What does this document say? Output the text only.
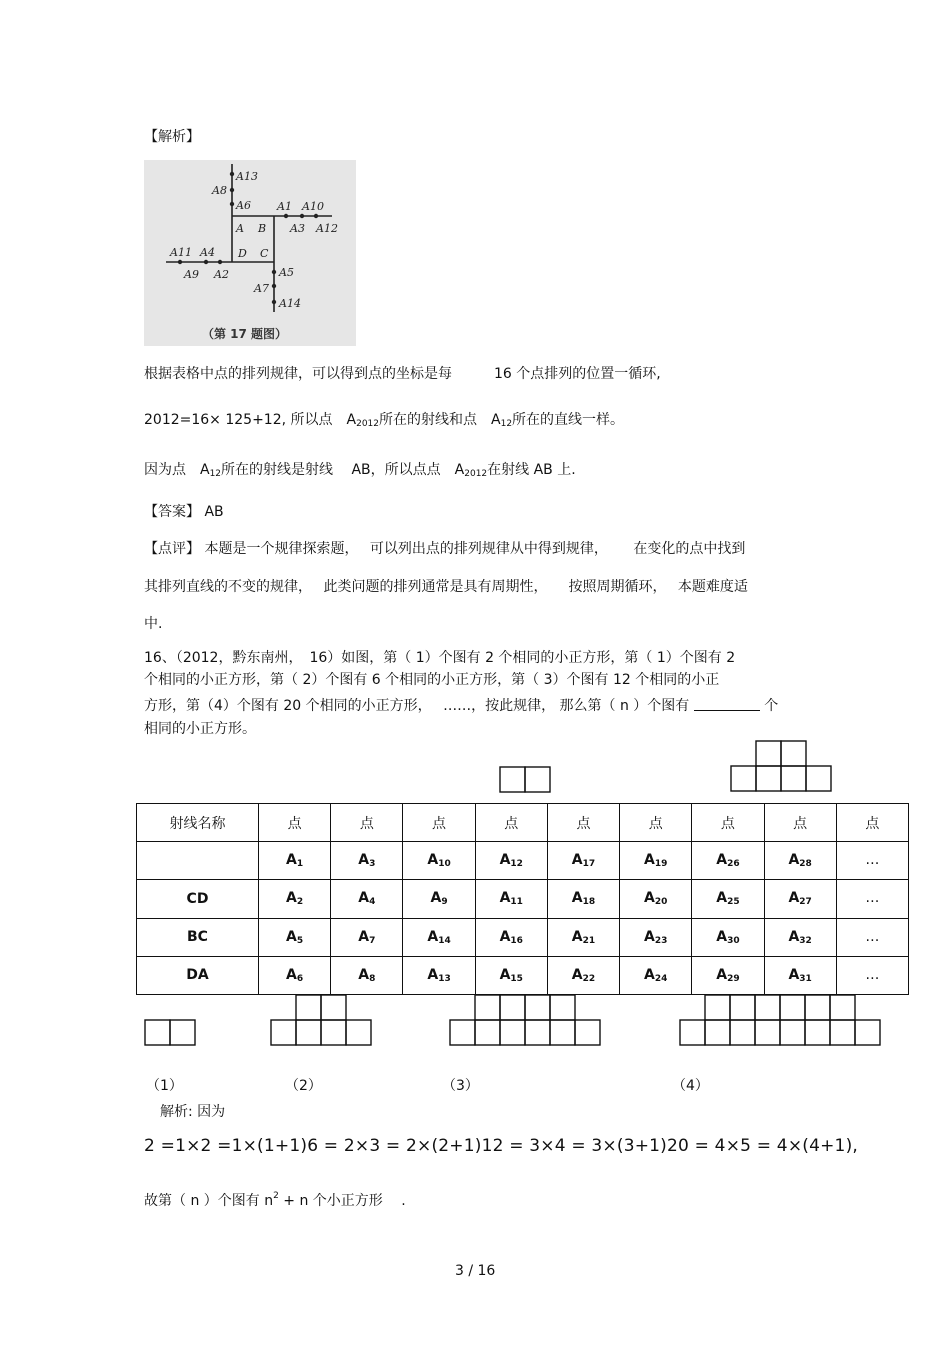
【解析】
A13
A8
A6 A1 A10
A3 A12
A11 A4
A9 A2	A5
A7
A14
A B
D C
（第 17 题图）
根据表格中点的排列规律，可以得到点的坐标是每　　　16 个点排列的位置一循环,
2012=16× 125+12, 所以点　$A_{2012}$所在的射线和点　$A_{12}$所在的直线一样。
因为点　$A_{12}$所在的射线是射线　 AB，所以点点　$A_{2012}$在射线 AB 上.
【答案】 AB
【点评】 本题是一个规律探索题，　 可以列出点的排列规律从中得到规律，　　 在变化的点中找到
其排列直线的不变的规律，　 此类问题的排列通常是具有周期性，　　按照周期循环，　 本题难度适
中.
16、（2012，黔东南州，　16）如图，第（ 1）个图有 2 个相同的小正方形，第（ 1）个图有 2
个相同的小正方形，第（ 2）个图有 6 个相同的小正方形，第（ 3）个图有 12 个相同的小正
方形，第（4）个图有 20 个相同的小正方形，　 ……，按此规律， 那么第（ n ）个图有	个
相同的小正方形。
射线名称	点	点	点	点	点	点	点	点	点
	$A_1$	$A_3$	$A_{10}$	$A_{12}$	$A_{17}$	$A_{19}$	$A_{26}$	$A_{28}$	…
CD	$A_2$	$A_4$	$A_9$	$A_{11}$	$A_{18}$	$A_{20}$	$A_{25}$	$A_{27}$	…
BC	$A_5$	$A_7$	$A_{14}$	$A_{16}$	$A_{21}$	$A_{23}$	$A_{30}$	$A_{32}$	…
DA	$A_6$	$A_8$	$A_{13}$	$A_{15}$	$A_{22}$	$A_{24}$	$A_{29}$	$A_{31}$	…
（1）	（2）	（3）	（4）
解析: 因为
2 =1×2 =1×(1+1)6 = 2×3 = 2×(2+1)12 = 3×4 = 3×(3+1)20 = 4×5 = 4×(4+1),
故第（ n ）个图有 $n^2 + n$ 个小正方形　 .
3 / 16
